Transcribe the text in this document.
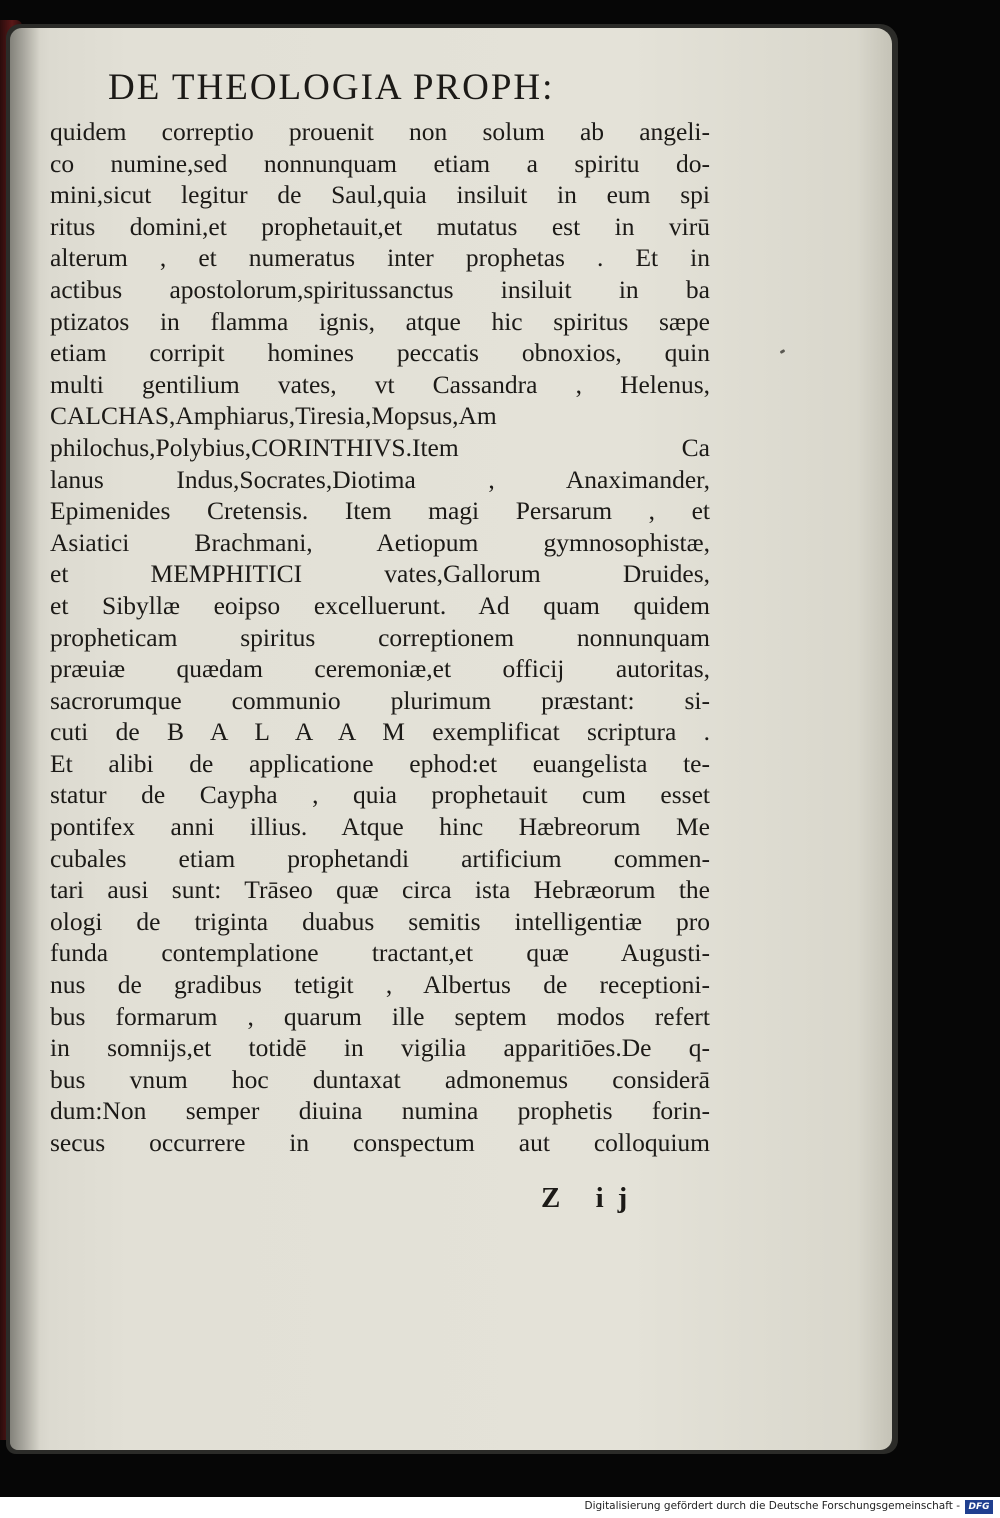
DE THEOLOGIA PROPH:
quidem correptio prouenit non solum ab angeli-
co numine,sed nonnunquam etiam a spiritu do-
mini,sicut legitur de Saul,quia insiluit in eum spi
ritus domini,et prophetauit,et mutatus est in virū
alterum , et numeratus inter prophetas . Et in
actibus apostolorum,spiritussanctus insiluit in ba
ptizatos in flamma ignis, atque hic spiritus sæpe
etiam corripit homines peccatis obnoxios, quin
multi gentilium vates, vt Cassandra , Helenus,
CALCHAS,Amphiarus,Tiresia,Mopsus,Am
philochus,Polybius,CORINTHIVS.Item Ca
lanus Indus,Socrates,Diotima , Anaximander,
Epimenides Cretensis. Item magi Persarum , et
Asiatici Brachmani, Aetiopum gymnosophistæ,
et MEMPHITICI vates,Gallorum Druides,
et Sibyllæ eoipso excelluerunt. Ad quam quidem
propheticam spiritus correptionem nonnunquam
præuiæ quædam ceremoniæ,et officij autoritas,
sacrorumque communio plurimum præstant: si-
cuti de B A L A A M exemplificat scriptura .
Et alibi de applicatione ephod:et euangelista te-
statur de Caypha , quia prophetauit cum esset
pontifex anni illius. Atque hinc Hæbreorum Me
cubales etiam prophetandi artificium commen-
tari ausi sunt: Trāseo quæ circa ista Hebræorum the
ologi de triginta duabus semitis intelligentiæ pro
funda contemplatione tractant,et quæ Augusti-
nus de gradibus tetigit , Albertus de receptioni-
bus formarum , quarum ille septem modos refert
in somnijs,et totidē in vigilia apparitiōes.De q-
bus vnum hoc duntaxat admonemus considerā
dum:Non semper diuina numina prophetis forin-
secus occurrere in conspectum aut colloquium
Z ij
Digitalisierung gefördert durch die Deutsche Forschungsgemeinschaft - DFG
